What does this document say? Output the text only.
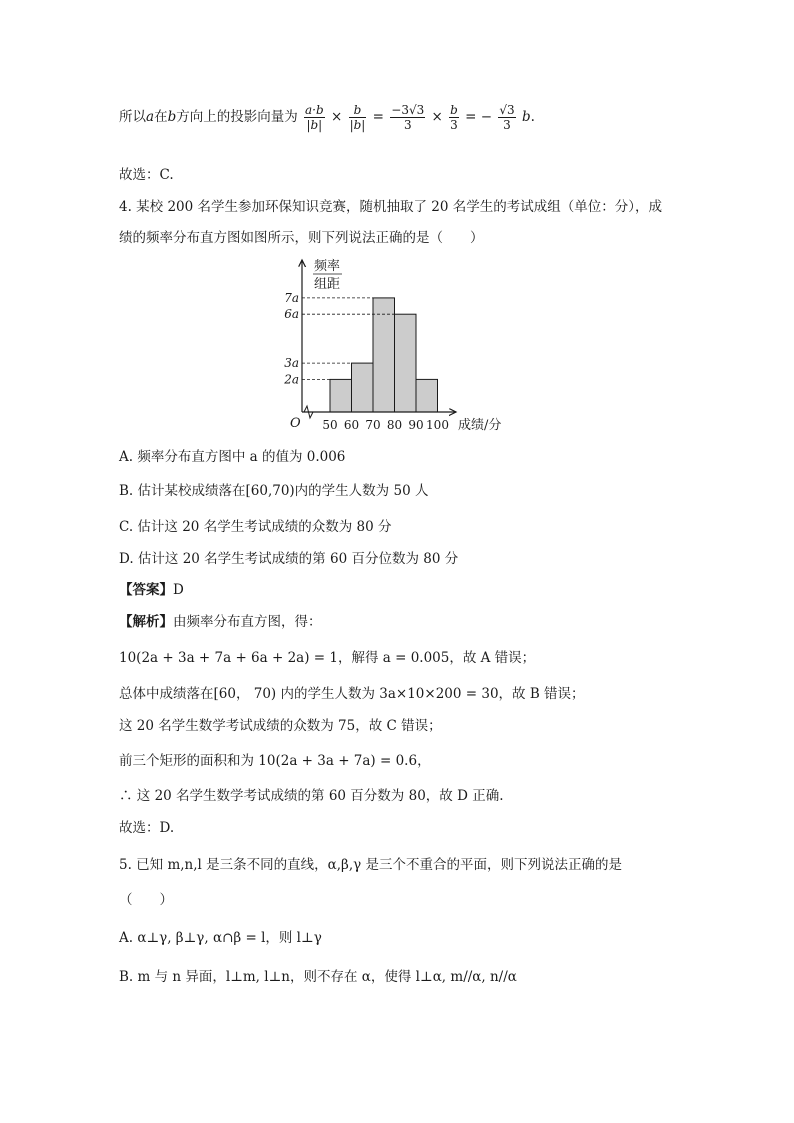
所以a在b方向上的投影向量为 $\frac{a\cdot b}{|b|} \times \frac{b}{|b|} = \frac{-3√3}{3} \times \frac{b}{3}$ = − $\frac{√3}{3} b$.
故选：C.
4. 某校 200 名学生参加环保知识竞赛，随机抽取了 20 名学生的考试成组（单位：分），成
绩的频率分布直方图如图所示，则下列说法正确的是（　　）
频率
组距
O
2a
3a
6a
7a
50 60 70 80 90 100 成绩/分
A. 频率分布直方图中 a 的值为 0.006
B. 估计某校成绩落在[60,70)内的学生人数为 50 人
C. 估计这 20 名学生考试成绩的众数为 80 分
D. 估计这 20 名学生考试成绩的第 60 百分位数为 80 分
【答案】D
【解析】由频率分布直方图，得：
10(2a + 3a + 7a + 6a + 2a) = 1，解得 a = 0.005，故 A 错误；
总体中成绩落在[60， 70) 内的学生人数为 3a×10×200 = 30，故 B 错误；
这 20 名学生数学考试成绩的众数为 75，故 C 错误；
前三个矩形的面积和为 10(2a + 3a + 7a) = 0.6，
∴ 这 20 名学生数学考试成绩的第 60 百分数为 80，故 D 正确.
故选：D.
5. 已知 m,n,l 是三条不同的直线，α,β,γ 是三个不重合的平面，则下列说法正确的是
（　　）
A. α⊥γ, β⊥γ, α∩β = l，则 l⊥γ
B. m 与 n 异面，l⊥m, l⊥n，则不存在 α，使得 l⊥α, m//α, n//α
